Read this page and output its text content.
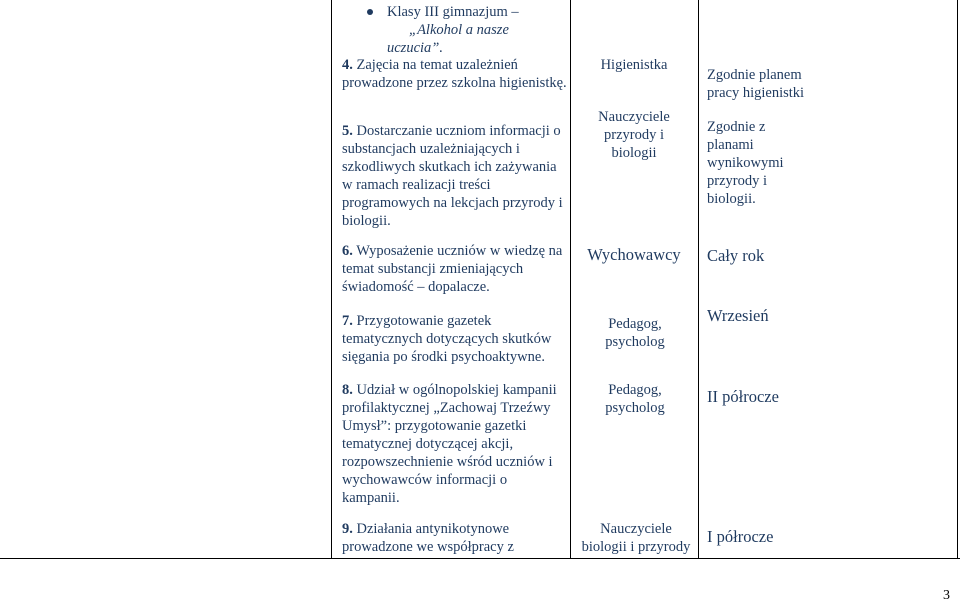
Klasy III gimnazjum –
„Alkohol a nasze uczucia”.
4. Zajęcia na temat uzależnień prowadzone przez szkolna higienistkę.
Higienistka
Zgodnie planem pracy higienistki
5. Dostarczanie uczniom informacji o substancjach uzależniających i szkodliwych skutkach ich zażywania w ramach realizacji treści programowych na lekcjach przyrody i biologii.
Nauczyciele przyrody i biologii
Zgodnie z planami wynikowymi przyrody i biologii.
6. Wyposażenie uczniów w wiedzę na temat substancji zmieniających świadomość – dopalacze.
Wychowawcy	Cały rok
7. Przygotowanie gazetek tematycznych dotyczących skutków sięgania po środki psychoaktywne.
Pedagog, psycholog
Wrzesień
8. Udział w ogólnopolskiej kampanii profilaktycznej „Zachowaj Trzeźwy Umysł”: przygotowanie gazetki tematycznej dotyczącej akcji, rozpowszechnienie wśród uczniów i wychowawców informacji o kampanii.
Pedagog, psycholog
II półrocze
9. Działania antynikotynowe prowadzone we współpracy z
Nauczyciele biologii i przyrody
I półrocze
3
